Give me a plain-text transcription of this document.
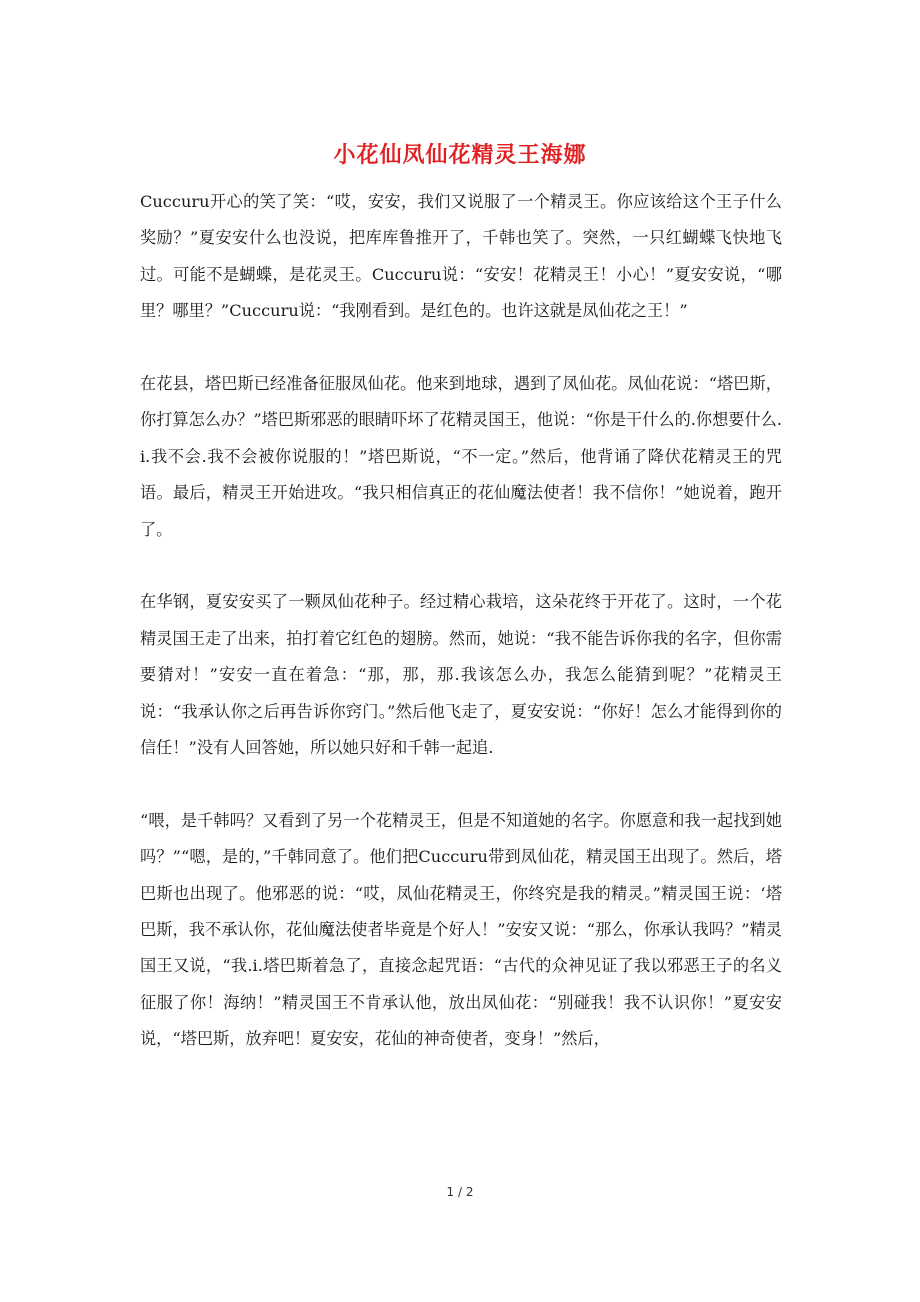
小花仙凤仙花精灵王海娜

Cuccuru开心的笑了笑：“哎，安安，我们又说服了一个精灵王。你应该给这个王子什么奖励？”夏安安什么也没说，把库库鲁推开了，千韩也笑了。突然，一只红蝴蝶飞快地飞过。可能不是蝴蝶，是花灵王。Cuccuru说：“安安！花精灵王！小心！”夏安安说，“哪里？哪里？”Cuccuru说：“我刚看到。是红色的。也许这就是凤仙花之王！”

在花县，塔巴斯已经准备征服凤仙花。他来到地球，遇到了凤仙花。凤仙花说：“塔巴斯，你打算怎么办？”塔巴斯邪恶的眼睛吓坏了花精灵国王，他说：“你是干什么的.你想要什么.i.我不会.我不会被你说服的！”塔巴斯说，“不一定。”然后，他背诵了降伏花精灵王的咒语。最后，精灵王开始进攻。“我只相信真正的花仙魔法使者！我不信你！”她说着，跑开了。

在华钢，夏安安买了一颗凤仙花种子。经过精心栽培，这朵花终于开花了。这时，一个花精灵国王走了出来，拍打着它红色的翅膀。然而，她说：“我不能告诉你我的名字，但你需要猜对！”安安一直在着急：“那，那，那.我该怎么办，我怎么能猜到呢？”花精灵王说：“我承认你之后再告诉你窍门。”然后他飞走了，夏安安说：“你好！怎么才能得到你的信任！”没有人回答她，所以她只好和千韩一起追.

“喂，是千韩吗？又看到了另一个花精灵王，但是不知道她的名字。你愿意和我一起找到她吗？”“嗯，是的，”千韩同意了。他们把Cuccuru带到凤仙花，精灵国王出现了。然后，塔巴斯也出现了。他邪恶的说：“哎，凤仙花精灵王，你终究是我的精灵。”精灵国王说：‘塔巴斯，我不承认你，花仙魔法使者毕竟是个好人！”安安又说：“那么，你承认我吗？”精灵国王又说，“我.i.塔巴斯着急了，直接念起咒语：“古代的众神见证了我以邪恶王子的名义征服了你！海纳！”精灵国王不肯承认他，放出凤仙花：“别碰我！我不认识你！”夏安安说，“塔巴斯，放弃吧！夏安安，花仙的神奇使者，变身！”然后，

1 / 2
